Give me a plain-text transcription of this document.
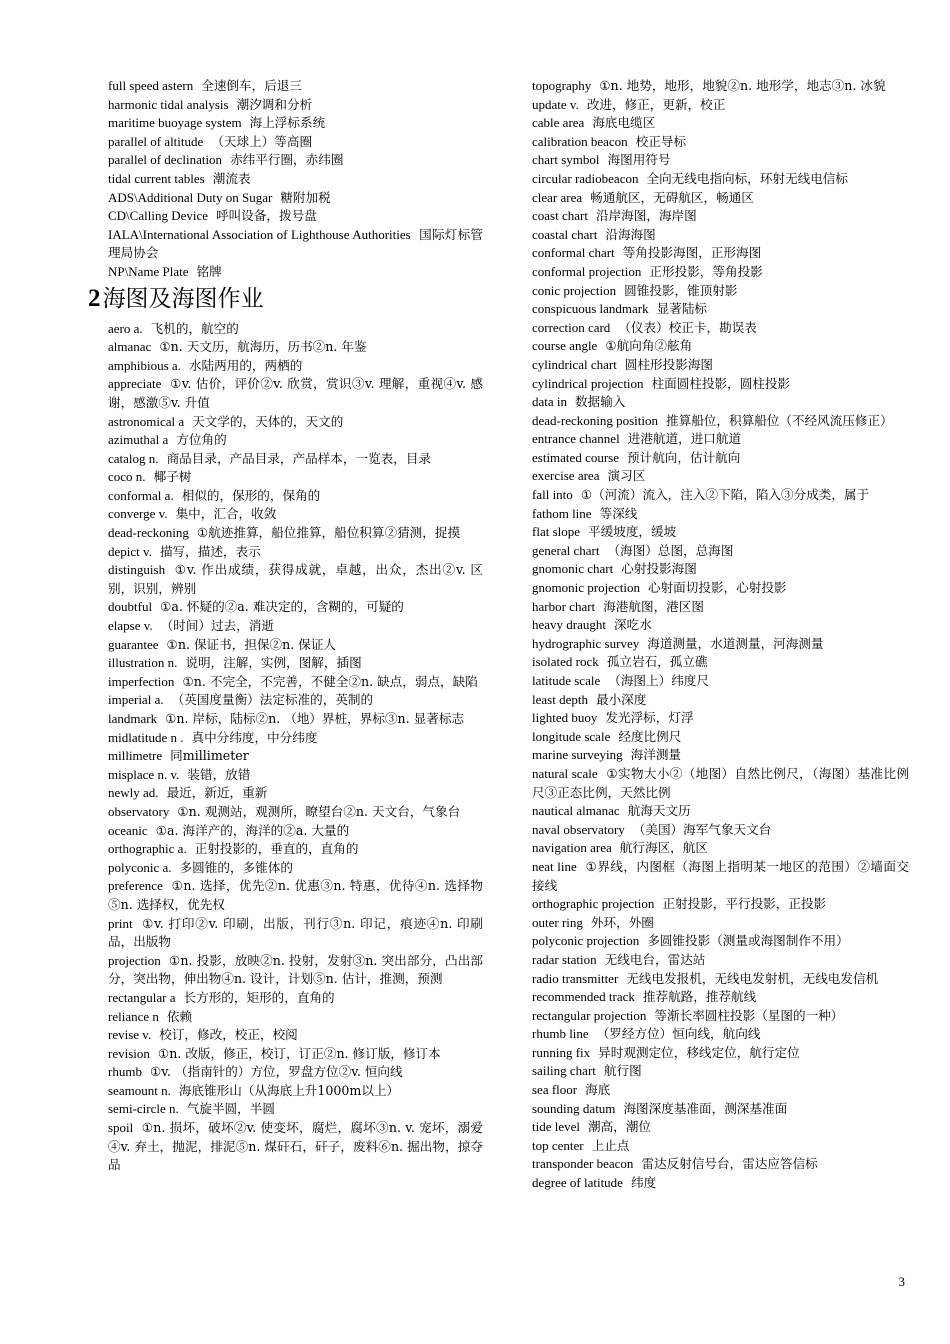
full speed astern 全速倒车，后退三

harmonic tidal analysis 潮汐调和分析

maritime buoyage system 海上浮标系统

parallel of altitude （天球上）等高圈

parallel of declination 赤纬平行圈，赤纬圈

tidal current tables 潮流表

ADS\Additional Duty on Sugar 糖附加税

CD\Calling Device 呼叫设备，拨号盘

IALA\International Association of Lighthouse Authorities 国际灯标管理局协会

NP\Name Plate 铭牌

2海图及海图作业

aero a. 飞机的，航空的

almanac ①n. 天文历，航海历，历书②n. 年鉴

amphibious a. 水陆两用的，两栖的

appreciate ①v. 估价，评价②v. 欣赏，赏识③v. 理解，重视④v. 感谢，感激⑤v. 升值

astronomical a 天文学的，天体的，天文的

azimuthal a 方位角的

catalog n. 商品目录，产品目录，产品样本，一览表，目录

coco n. 椰子树

conformal a. 相似的，保形的，保角的

converge v. 集中，汇合，收敛

dead-reckoning ①航迹推算，船位推算，船位积算②猜测，捉摸

depict v. 描写，描述，表示

distinguish ①v. 作出成绩，获得成就，卓越，出众，杰出②v. 区别，识别，辨别

doubtful ①a. 怀疑的②a. 难决定的，含糊的，可疑的

elapse v. （时间）过去，消逝

guarantee ①n. 保证书，担保②n. 保证人

illustration n. 说明，注解，实例，图解，插图

imperfection ①n. 不完全，不完善，不健全②n. 缺点，弱点，缺陷

imperial a. （英国度量衡）法定标准的，英制的

landmark ①n. 岸标，陆标②n. （地）界桩，界标③n. 显著标志

midlatitude n . 真中分纬度，中分纬度

millimetre 同millimeter

misplace n. v. 装错，放错

newly ad. 最近，新近，重新

observatory ①n. 观测站，观测所，瞭望台②n. 天文台，气象台

oceanic ①a. 海洋产的，海洋的②a. 大量的

orthographic a. 正射投影的，垂直的，直角的

polyconic a. 多圆锥的，多锥体的

preference ①n. 选择，优先②n. 优惠③n. 特惠，优待④n. 选择物⑤n. 选择权，优先权

print ①v. 打印②v. 印刷，出版，刊行③n. 印记，痕迹④n. 印刷品，出版物

projection ①n. 投影，放映②n. 投射，发射③n. 突出部分，凸出部分，突出物，伸出物④n. 设计，计划⑤n. 估计，推测，预测

rectangular a 长方形的，矩形的，直角的

reliance n 依赖

revise v. 校订，修改，校正，校阅

revision ①n. 改版，修正，校订，订正②n. 修订版，修订本

rhumb ①v. （指南针的）方位，罗盘方位②v. 恒向线

seamount n. 海底锥形山（从海底上升1000m以上）

semi-circle n. 气旋半圆，半圆

spoil ①n. 损坏，破坏②v. 使变坏，腐烂，腐坏③n. v. 宠坏，溺爱④v. 弃土，抛泥，排泥⑤n. 煤矸石，矸子，废料⑥n. 掘出物，掠夺品

topography ①n. 地势，地形，地貌②n. 地形学，地志③n. 冰貌

update v. 改进，修正，更新，校正

cable area 海底电缆区

calibration beacon 校正导标

chart symbol 海图用符号

circular radiobeacon 全向无线电指向标，环射无线电信标

clear area 畅通航区，无碍航区，畅通区

coast chart 沿岸海图，海岸图

coastal chart 沿海海图

conformal chart 等角投影海图，正形海图

conformal projection 正形投影，等角投影

conic projection 圆锥投影，锥顶射影

conspicuous landmark 显著陆标

correction card （仪表）校正卡，勘误表

course angle ①航向角②舷角

cylindrical chart 圆柱形投影海图

cylindrical projection 柱面圆柱投影，圆柱投影

data in 数据输入

dead-reckoning position 推算船位，积算船位（不经风流压修正）

entrance channel 进港航道，进口航道

estimated course 预计航向，估计航向

exercise area 演习区

fall into ①（河流）流入，注入②下陷，陷入③分成类，属于

fathom line 等深线

flat slope 平缓坡度，缓坡

general chart （海图）总图，总海图

gnomonic chart 心射投影海图

gnomonic projection 心射面切投影，心射投影

harbor chart 海港航图，港区图

heavy draught 深吃水

hydrographic survey 海道测量，水道测量，河海测量

isolated rock 孤立岩石，孤立礁

latitude scale （海图上）纬度尺

least depth 最小深度

lighted buoy 发光浮标，灯浮

longitude scale 经度比例尺

marine surveying 海洋测量

natural scale ①实物大小②（地图）自然比例尺，（海图）基准比例尺③正态比例，天然比例

nautical almanac 航海天文历

naval observatory （美国）海军气象天文台

navigation area 航行海区，航区

neat line ①界线，内图框（海图上指明某一地区的范围）②墙面交接线

orthographic projection 正射投影，平行投影，正投影

outer ring 外环，外圈

polyconic projection 多圆锥投影（测量或海图制作不用）

radar station 无线电台，雷达站

radio transmitter 无线电发报机，无线电发射机，无线电发信机

recommended track 推荐航路，推荐航线

rectangular projection 等渐长率圆柱投影（星图的一种）

rhumb line （罗经方位）恒向线，航向线

running fix 异时观测定位，移线定位，航行定位

sailing chart 航行图

sea floor 海底

sounding datum 海图深度基准面，测深基准面

tide level 潮高，潮位

top center 上止点

transponder beacon 雷达反射信号台，雷达应答信标

degree of latitude 纬度

3
